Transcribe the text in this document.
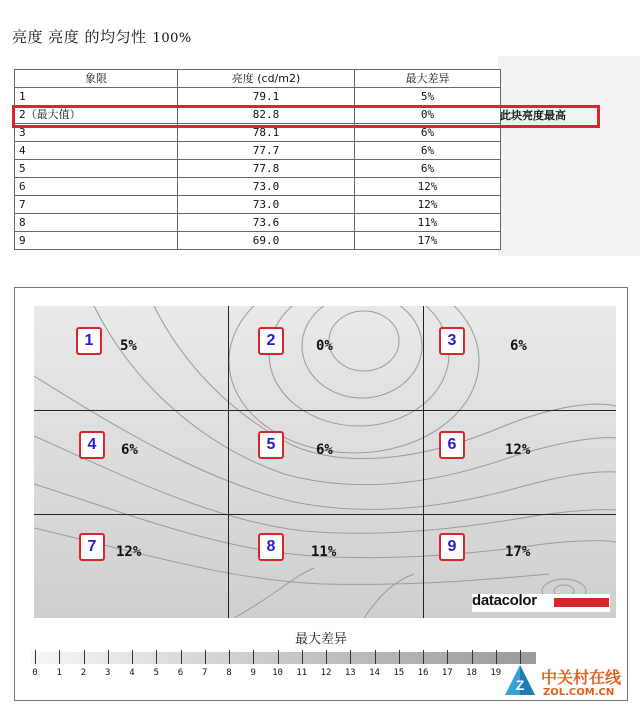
亮度 亮度 的均匀性 100%
象限	亮度 (cd/m2)	最大差异
1	79.1	5%
2（最大值）	82.8	0%
3	78.1	6%
4	77.7	6%
5	77.8	6%
6	73.0	12%
7	73.0	12%
8	73.6	11%
9	69.0	17%
此块亮度最高
1	5%	2	0%	3	6%
4	6%	5	6%	6	12%
7	12%	8	11%	9	17%
datacolor
最大差异
0	1	2	3	4	5	6	7	8	9	10 11 12 13 14 15 16 17 18 19
Z 中关村在线
ZOL.COM.CN
